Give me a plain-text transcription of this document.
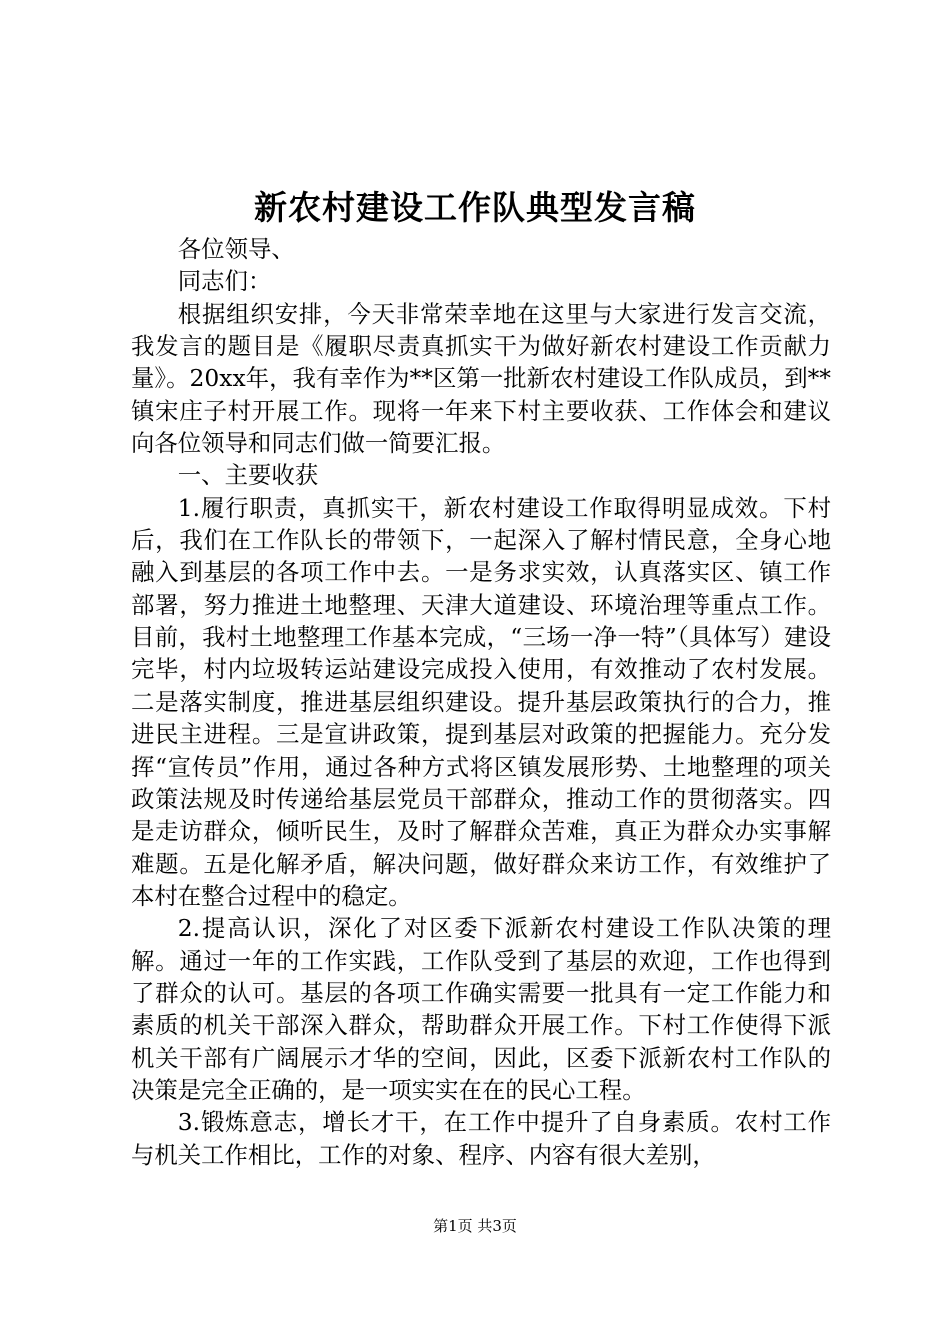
新农村建设工作队典型发言稿

各位领导、

同志们：

根据组织安排，今天非常荣幸地在这里与大家进行发言交流，我发言的题目是《履职尽责真抓实干为做好新农村建设工作贡献力量》。20xx年，我有幸作为**区第一批新农村建设工作队成员，到**镇宋庄子村开展工作。现将一年来下村主要收获、工作体会和建议向各位领导和同志们做一简要汇报。

一、主要收获

1.履行职责，真抓实干，新农村建设工作取得明显成效。下村后，我们在工作队长的带领下，一起深入了解村情民意，全身心地融入到基层的各项工作中去。一是务求实效，认真落实区、镇工作部署，努力推进土地整理、天津大道建设、环境治理等重点工作。目前，我村土地整理工作基本完成，“三场一净一特”（具体写）建设完毕，村内垃圾转运站建设完成投入使用，有效推动了农村发展。二是落实制度，推进基层组织建设。提升基层政策执行的合力，推进民主进程。三是宣讲政策，提到基层对政策的把握能力。充分发挥“宣传员”作用，通过各种方式将区镇发展形势、土地整理的项关政策法规及时传递给基层党员干部群众，推动工作的贯彻落实。四是走访群众，倾听民生，及时了解群众苦难，真正为群众办实事解难题。五是化解矛盾，解决问题，做好群众来访工作，有效维护了本村在整合过程中的稳定。

2.提高认识，深化了对区委下派新农村建设工作队决策的理解。通过一年的工作实践，工作队受到了基层的欢迎，工作也得到了群众的认可。基层的各项工作确实需要一批具有一定工作能力和素质的机关干部深入群众，帮助群众开展工作。下村工作使得下派机关干部有广阔展示才华的空间，因此，区委下派新农村工作队的决策是完全正确的，是一项实实在在的民心工程。

3.锻炼意志，增长才干，在工作中提升了自身素质。农村工作与机关工作相比，工作的对象、程序、内容有很大差别，

第1页 共3页
